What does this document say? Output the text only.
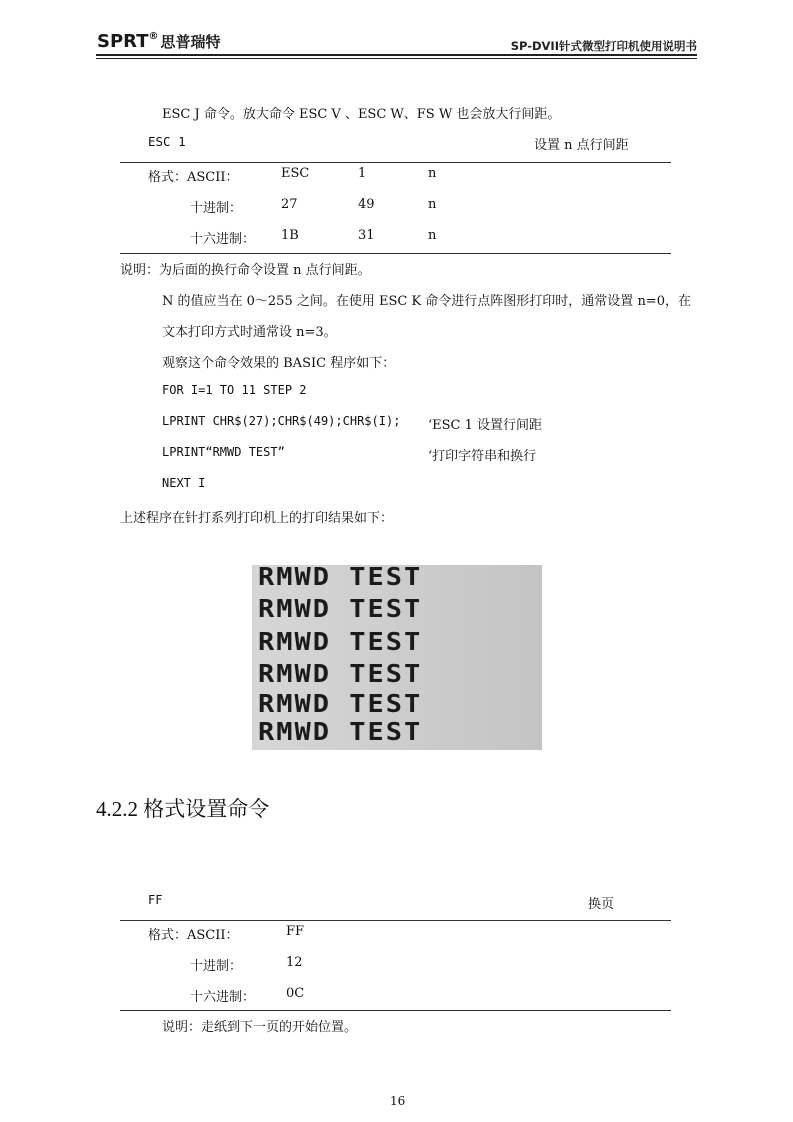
SPRT® 思普瑞特	SP-DVII针式微型打印机使用说明书
ESC J 命令。放大命令 ESC V 、ESC W、FS W 也会放大行间距。
ESC 1	设置 n 点行间距
格式：ASCII：	ESC	1	n
十进制：	27	49	n
十六进制： 1B	31	n
说明：为后面的换行命令设置 n 点行间距。
N 的值应当在 0～255 之间。在使用 ESC K 命令进行点阵图形打印时，通常设置 n=0，在
文本打印方式时通常设 n=3。
观察这个命令效果的 BASIC 程序如下：
FOR I=1 TO 11 STEP 2
LPRINT CHR$(27);CHR$(49);CHR$(I); ‘ESC 1 设置行间距
LPRINT“RMWD TEST”	‘打印字符串和换行
NEXT I
上述程序在针打系列打印机上的打印结果如下：
RMWD TEST
RMWD TEST
RMWD TEST
RMWD TEST
RMWD TEST
RMWD TEST
4.2.2 格式设置命令
FF	换页
格式：ASCII：	FF
十进制：	12
十六进制： 0C
说明：走纸到下一页的开始位置。
16
